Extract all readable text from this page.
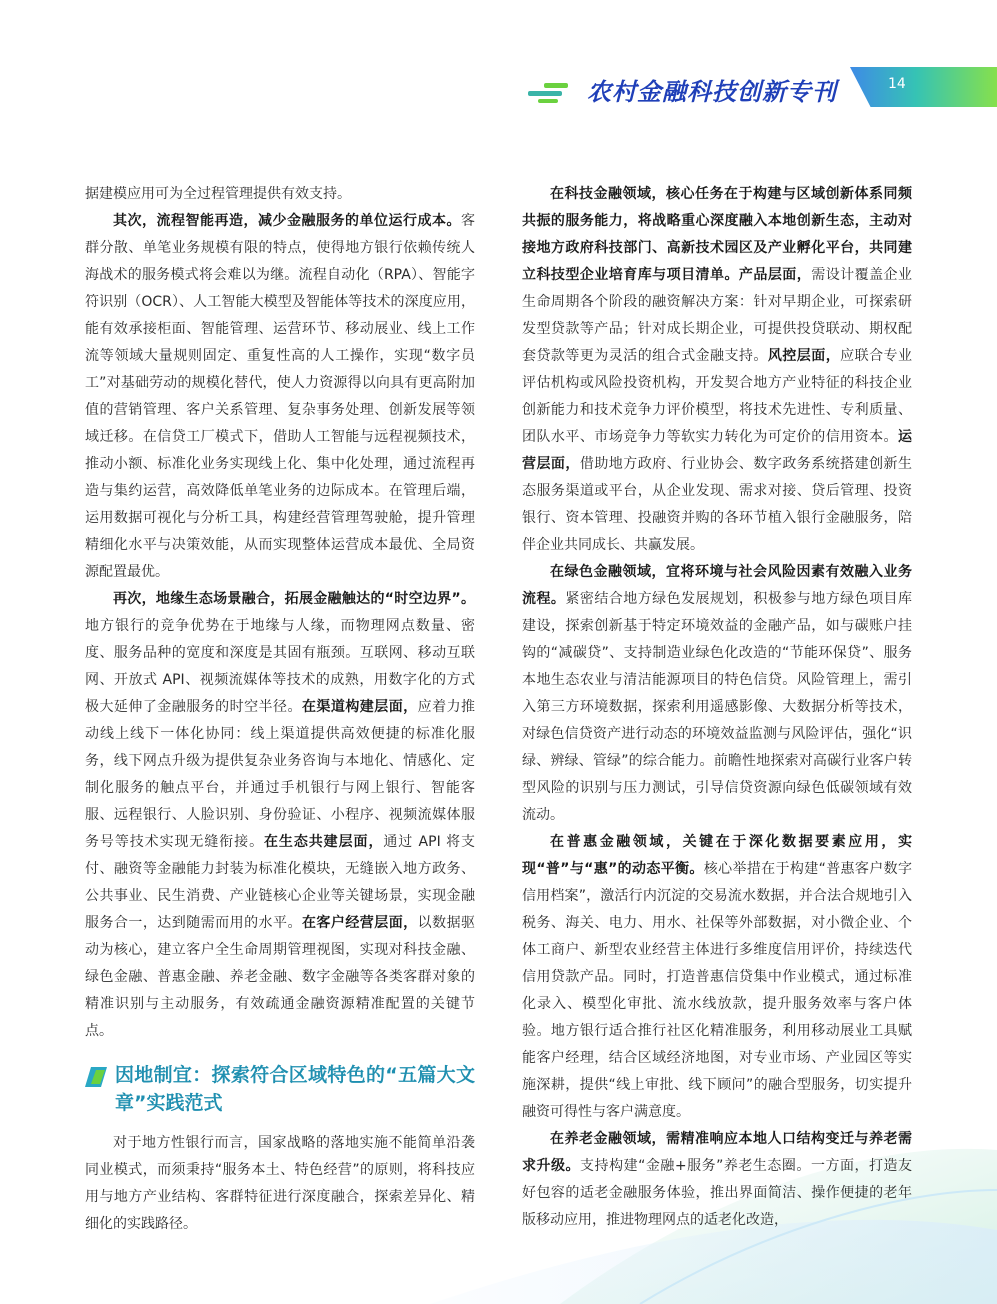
农村金融科技创新专刊	14

据建模应用可为全过程管理提供有效支持。

其次，流程智能再造，减少金融服务的单位运行成本。客群分散、单笔业务规模有限的特点，使得地方银行依赖传统人海战术的服务模式将会难以为继。流程自动化（RPA）、智能字符识别（OCR）、人工智能大模型及智能体等技术的深度应用，能有效承接柜面、智能管理、运营环节、移动展业、线上工作流等领域大量规则固定、重复性高的人工操作，实现“数字员工”对基础劳动的规模化替代，使人力资源得以向具有更高附加值的营销管理、客户关系管理、复杂事务处理、创新发展等领域迁移。在信贷工厂模式下，借助人工智能与远程视频技术，推动小额、标准化业务实现线上化、集中化处理，通过流程再造与集约运营，高效降低单笔业务的边际成本。在管理后端，运用数据可视化与分析工具，构建经营管理驾驶舱，提升管理精细化水平与决策效能，从而实现整体运营成本最优、全局资源配置最优。

再次，地缘生态场景融合，拓展金融触达的“时空边界”。地方银行的竞争优势在于地缘与人缘，而物理网点数量、密度、服务品种的宽度和深度是其固有瓶颈。互联网、移动互联网、开放式 API、视频流媒体等技术的成熟，用数字化的方式极大延伸了金融服务的时空半径。在渠道构建层面，应着力推动线上线下一体化协同：线上渠道提供高效便捷的标准化服务，线下网点升级为提供复杂业务咨询与本地化、情感化、定制化服务的触点平台，并通过手机银行与网上银行、智能客服、远程银行、人脸识别、身份验证、小程序、视频流媒体服务号等技术实现无缝衔接。在生态共建层面，通过 API 将支付、融资等金融能力封装为标准化模块，无缝嵌入地方政务、公共事业、民生消费、产业链核心企业等关键场景，实现金融服务合一，达到随需而用的水平。在客户经营层面，以数据驱动为核心，建立客户全生命周期管理视图，实现对科技金融、绿色金融、普惠金融、养老金融、数字金融等各类客群对象的精准识别与主动服务，有效疏通金融资源精准配置的关键节点。

因地制宜：探索符合区域特色的“五篇大文章”实践范式

对于地方性银行而言，国家战略的落地实施不能简单沿袭同业模式，而须秉持“服务本土、特色经营”的原则，将科技应用与地方产业结构、客群特征进行深度融合，探索差异化、精细化的实践路径。

在科技金融领域，核心任务在于构建与区域创新体系同频共振的服务能力，将战略重心深度融入本地创新生态，主动对接地方政府科技部门、高新技术园区及产业孵化平台，共同建立科技型企业培育库与项目清单。产品层面，需设计覆盖企业生命周期各个阶段的融资解决方案：针对早期企业，可探索研发型贷款等产品；针对成长期企业，可提供投贷联动、期权配套贷款等更为灵活的组合式金融支持。风控层面，应联合专业评估机构或风险投资机构，开发契合地方产业特征的科技企业创新能力和技术竞争力评价模型，将技术先进性、专利质量、团队水平、市场竞争力等软实力转化为可定价的信用资本。运营层面，借助地方政府、行业协会、数字政务系统搭建创新生态服务渠道或平台，从企业发现、需求对接、贷后管理、投资银行、资本管理、投融资并购的各环节植入银行金融服务，陪伴企业共同成长、共赢发展。

在绿色金融领域，宜将环境与社会风险因素有效融入业务流程。紧密结合地方绿色发展规划，积极参与地方绿色项目库建设，探索创新基于特定环境效益的金融产品，如与碳账户挂钩的“减碳贷”、支持制造业绿色化改造的“节能环保贷”、服务本地生态农业与清洁能源项目的特色信贷。风险管理上，需引入第三方环境数据，探索利用遥感影像、大数据分析等技术，对绿色信贷资产进行动态的环境效益监测与风险评估，强化“识绿、辨绿、管绿”的综合能力。前瞻性地探索对高碳行业客户转型风险的识别与压力测试，引导信贷资源向绿色低碳领域有效流动。

在普惠金融领域，关键在于深化数据要素应用，实现“普”与“惠”的动态平衡。核心举措在于构建“普惠客户数字信用档案”，激活行内沉淀的交易流水数据，并合法合规地引入税务、海关、电力、用水、社保等外部数据，对小微企业、个体工商户、新型农业经营主体进行多维度信用评价，持续迭代信用贷款产品。同时，打造普惠信贷集中作业模式，通过标准化录入、模型化审批、流水线放款，提升服务效率与客户体验。地方银行适合推行社区化精准服务，利用移动展业工具赋能客户经理，结合区域经济地图，对专业市场、产业园区等实施深耕，提供“线上审批、线下顾问”的融合型服务，切实提升融资可得性与客户满意度。

在养老金融领域，需精准响应本地人口结构变迁与养老需求升级。支持构建“金融+服务”养老生态圈。一方面，打造友好包容的适老金融服务体验，推出界面简洁、操作便捷的老年版移动应用，推进物理网点的适老化改造，
